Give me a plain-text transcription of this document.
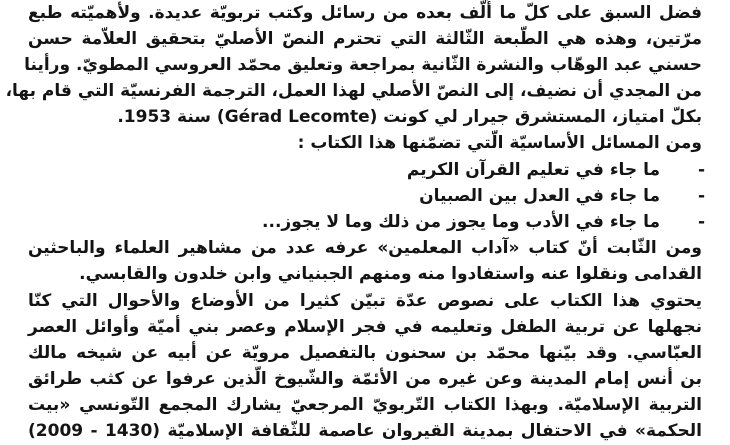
فضل السبق على كلّ ما أُلّف بعده من رسائل وكتب تربويّة عديدة. ولأهميّته طبع

مرّتين، وهذه هي الطّبعة الثّالثة التي تحترم النصّ الأصليّ بتحقيق العلاّمة حسن

حسني عبد الوهّاب والنشرة الثّانية بمراجعة وتعليق محمّد العروسي المطويّ. ورأينا

من المجدي أن نضيف، إلى النصّ الأصلي لهذا العمل، الترجمة الفرنسيّة التي قام بها،

بكلّ امتياز، المستشرق جيرار لي كونت (Gérad Lecomte) سنة 1953.

ومن المسائل الأساسيّة الّتي تضمّنها هذا الكتاب :

-
ما جاء في تعليم القرآن الكريم
-
ما جاء في العدل بين الصبيان
-
ما جاء في الأدب وما يجوز من ذلك وما لا يجوز...

ومن الثّابت أنّ كتاب «آداب المعلمين» عرفه عدد من مشاهير العلماء والباحثين

القدامى ونقلوا عنه واستفادوا منه ومنهم الجبنياني وابن خلدون والقابسي.

يحتوي هذا الكتاب على نصوص عدّة تبيّن كثيرا من الأوضاع والأحوال التي كنّا

نجهلها عن تربية الطفل وتعليمه في فجر الإسلام وعصر بني أميّة وأوائل العصر

العبّاسي. وقد بيّنها محمّد بن سحنون بالتفصيل مرويّة عن أبيه عن شيخه مالك

بن أنس إمام المدينة وعن غيره من الأئمّة والشّيوخ الّذين عرفوا عن كثب طرائق

التربية الإسلاميّة. وبهذا الكتاب التّربويّ المرجعيّ يشارك المجمع التّونسي «بيت

الحكمة» في الاحتفال بمدينة القيروان عاصمة للثّقافة الإسلاميّة (1430 - 2009)
